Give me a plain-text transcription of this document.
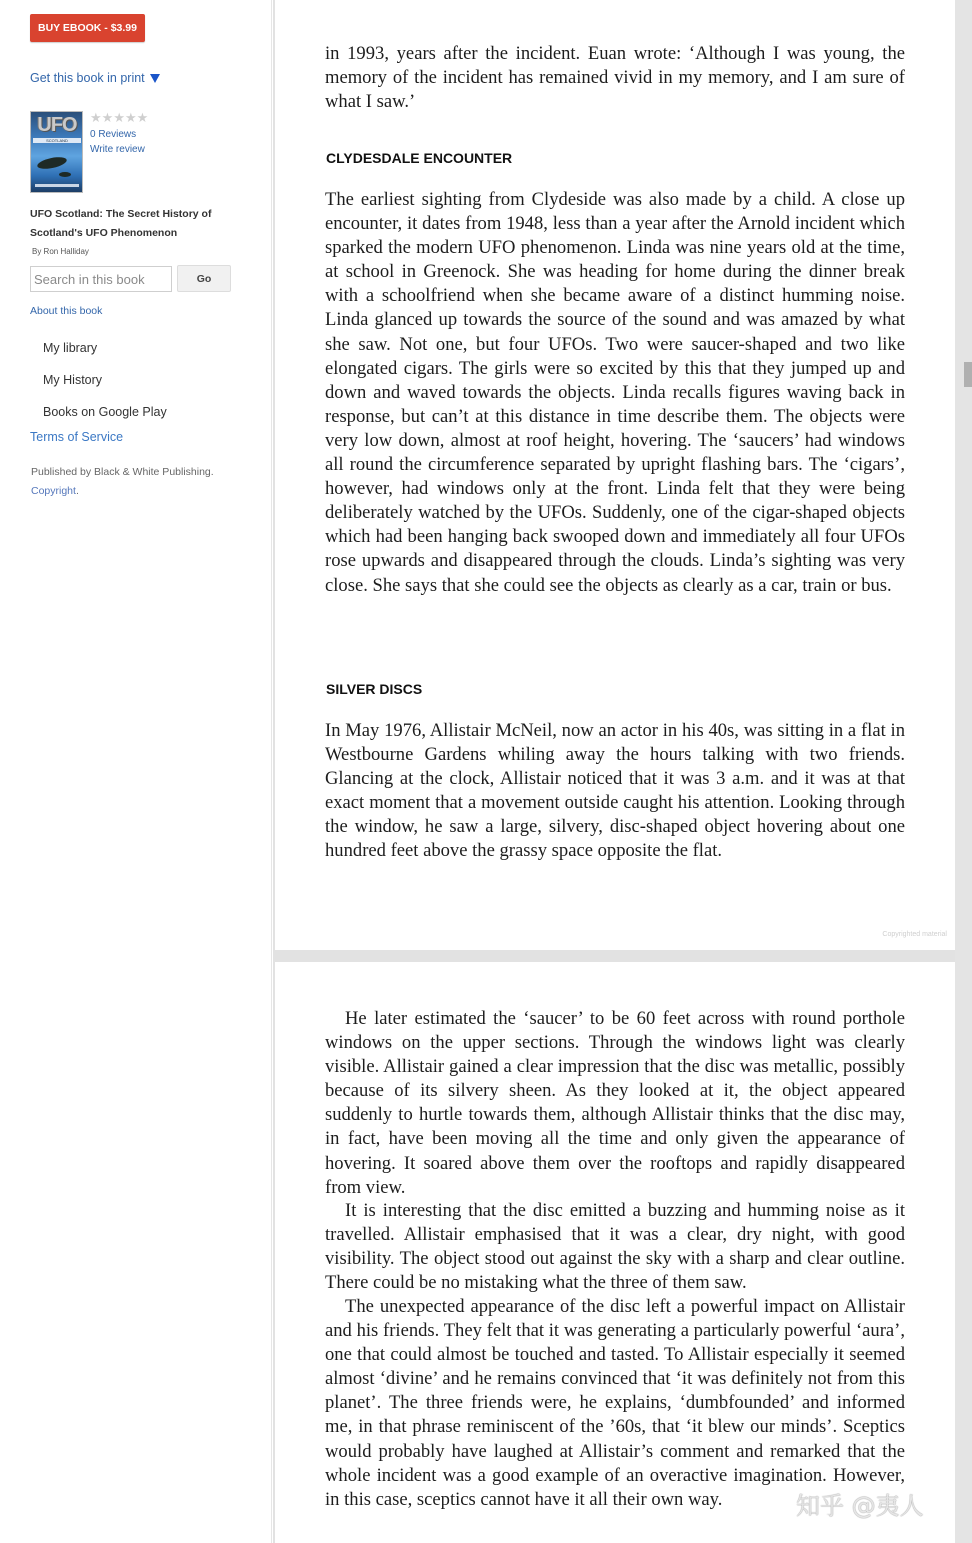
BUY EBOOK - $3.99
Get this book in print
UFO
SCOTLAND
★ ★ ★ ★ ★
0 Reviews
Write review
UFO Scotland: The Secret History of Scotland's UFO Phenomenon
By Ron Halliday
Search in this book
Go
About this book
My library
My History
Books on Google Play
Terms of Service
Published by Black & White Publishing. Copyright.

in 1993, years after the incident. Euan wrote: ‘Although I was young, the memory of the incident has remained vivid in my memory, and I am sure of what I saw.’

CLYDESDALE ENCOUNTER

The earliest sighting from Clydeside was also made by a child. A close up encounter, it dates from 1948, less than a year after the Arnold incident which sparked the modern UFO phenomenon. Linda was nine years old at the time, at school in Greenock. She was heading for home during the dinner break with a schoolfriend when she became aware of a distinct humming noise. Linda glanced up towards the source of the sound and was amazed by what she saw. Not one, but four UFOs. Two were saucer-shaped and two like elongated cigars. The girls were so excited by this that they jumped up and down and waved towards the objects. Linda recalls figures waving back in response, but can’t at this distance in time describe them. The objects were very low down, almost at roof height, hovering. The ‘saucers’ had windows all round the circumference separated by upright flashing bars. The ‘cigars’, however, had windows only at the front. Linda felt that they were being deliberately watched by the UFOs. Suddenly, one of the cigar-shaped objects which had been hanging back swooped down and immediately all four UFOs rose upwards and disappeared through the clouds. Linda’s sighting was very close. She says that she could see the objects as clearly as a car, train or bus.

SILVER DISCS

In May 1976, Allistair McNeil, now an actor in his 40s, was sitting in a flat in Westbourne Gardens whiling away the hours talking with two friends. Glancing at the clock, Allistair noticed that it was 3 a.m. and it was at that exact moment that a movement outside caught his attention. Looking through the window, he saw a large, silvery, disc-shaped object hovering about one hundred feet above the grassy space opposite the flat.

Copyrighted material

He later estimated the ‘saucer’ to be 60 feet across with round porthole windows on the upper sections. Through the windows light was clearly visible. Allistair gained a clear impression that the disc was metallic, possibly because of its silvery sheen. As they looked at it, the object appeared suddenly to hurtle towards them, although Allistair thinks that the disc may, in fact, have been moving all the time and only given the appearance of hovering. It soared above them over the rooftops and rapidly disappeared from view.

It is interesting that the disc emitted a buzzing and humming noise as it travelled. Allistair emphasised that it was a clear, dry night, with good visibility. The object stood out against the sky with a sharp and clear outline. There could be no mistaking what the three of them saw.

The unexpected appearance of the disc left a powerful impact on Allistair and his friends. They felt that it was generating a particularly powerful ‘aura’, one that could almost be touched and tasted. To Allistair especially it seemed almost ‘divine’ and he remains convinced that ‘it was definitely not from this planet’. The three friends were, he explains, ‘dumbfounded’ and informed me, in that phrase reminiscent of the ’60s, that ‘it blew our minds’. Sceptics would probably have laughed at Allistair’s comment and remarked that the whole incident was a good example of an overactive imagination. However, in this case, sceptics cannot have it all their own way.	知乎 @夷人
